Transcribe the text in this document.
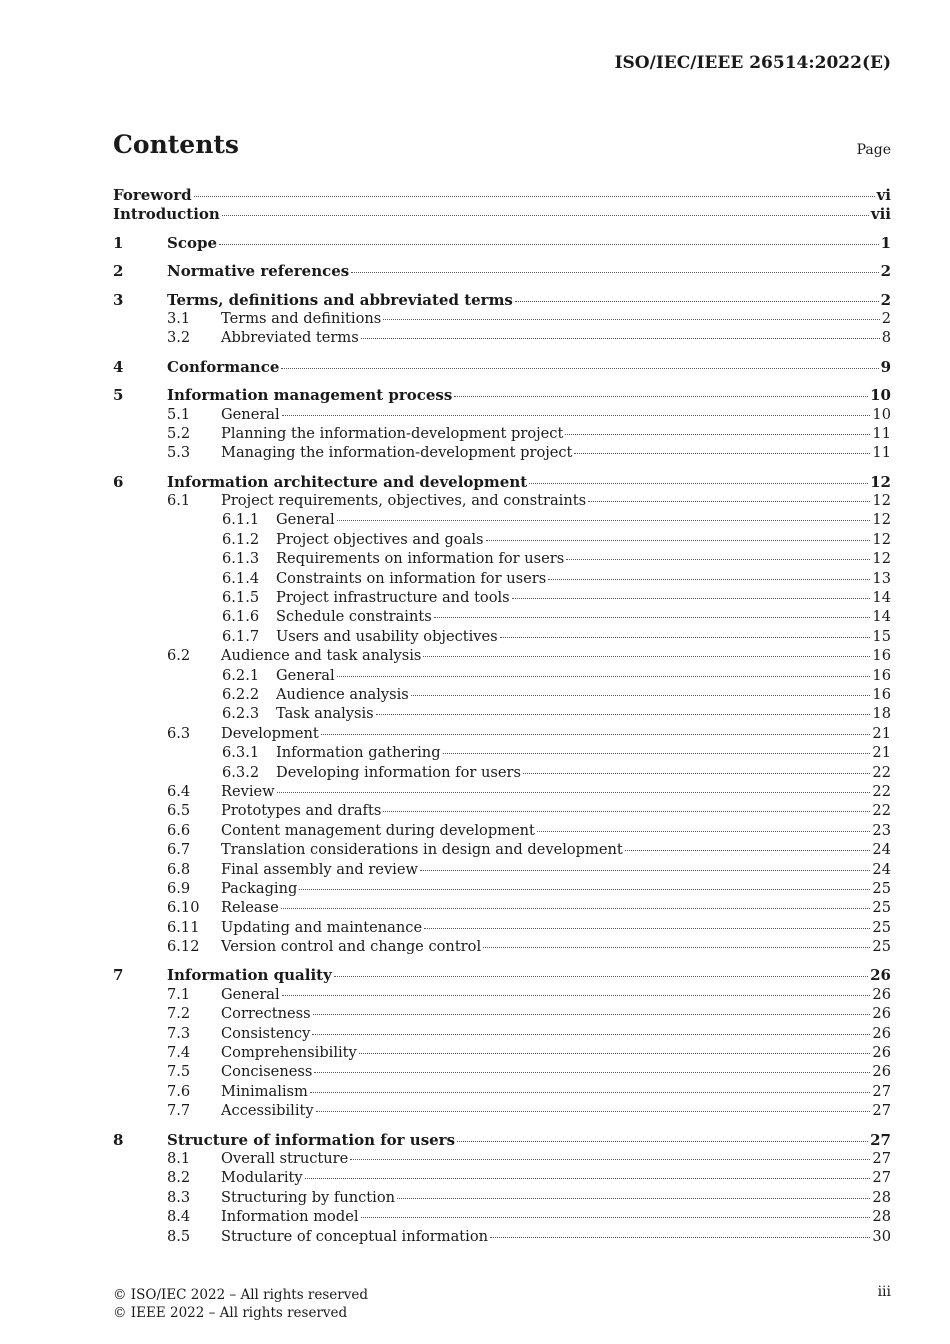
ISO/IEC/IEEE 26514:2022(E)
Contents	Page
Foreword	vi
Introduction	vii
1	Scope	1
2	Normative references	2
3	Terms, definitions and abbreviated terms	2
3.1	Terms and definitions	2
3.2	Abbreviated terms	8
4	Conformance	9
5	Information management process	10
5.1	General	10
5.2	Planning the information-development project	11
5.3	Managing the information-development project	11
6	Information architecture and development	12
6.1	Project requirements, objectives, and constraints	12
6.1.1	General	12
6.1.2	Project objectives and goals	12
6.1.3	Requirements on information for users	12
6.1.4	Constraints on information for users	13
6.1.5	Project infrastructure and tools	14
6.1.6	Schedule constraints	14
6.1.7	Users and usability objectives	15
6.2	Audience and task analysis	16
6.2.1	General	16
6.2.2	Audience analysis	16
6.2.3	Task analysis	18
6.3	Development	21
6.3.1	Information gathering	21
6.3.2	Developing information for users	22
6.4	Review	22
6.5	Prototypes and drafts	22
6.6	Content management during development	23
6.7	Translation considerations in design and development	24
6.8	Final assembly and review	24
6.9	Packaging	25
6.10	Release	25
6.11	Updating and maintenance	25
6.12	Version control and change control	25
7	Information quality	26
7.1	General	26
7.2	Correctness	26
7.3	Consistency	26
7.4	Comprehensibility	26
7.5	Conciseness	26
7.6	Minimalism	27
7.7	Accessibility	27
8	Structure of information for users	27
8.1	Overall structure	27
8.2	Modularity	27
8.3	Structuring by function	28
8.4	Information model	28
8.5	Structure of conceptual information	30
© ISO/IEC 2022 – All rights reserved
© IEEE 2022 – All rights reserved
iii
